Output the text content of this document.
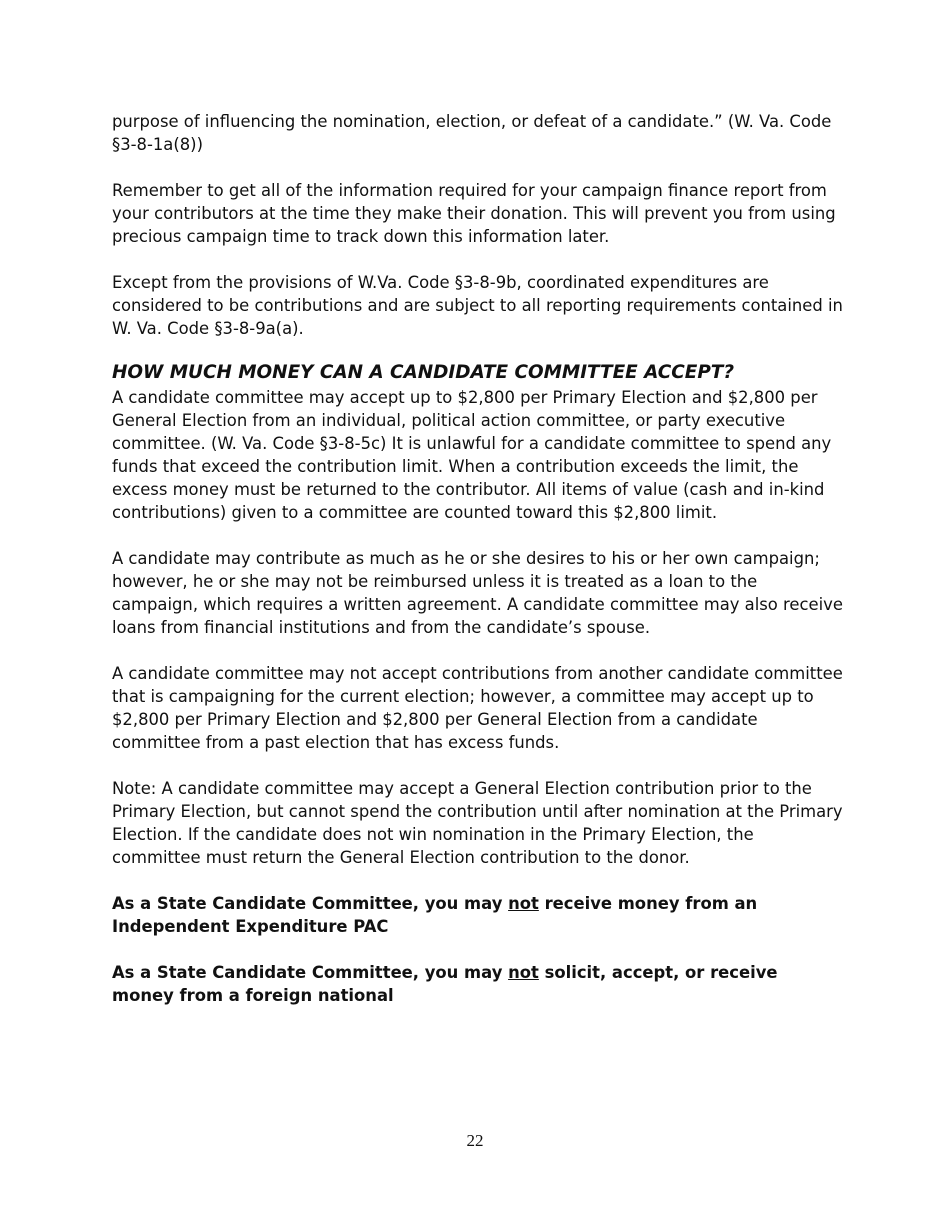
purpose of influencing the nomination, election, or defeat of a candidate.” (W. Va. Code §3-8-1a(8))

Remember to get all of the information required for your campaign finance report from your contributors at the time they make their donation. This will prevent you from using precious campaign time to track down this information later.

Except from the provisions of W.Va. Code §3-8-9b, coordinated expenditures are considered to be contributions and are subject to all reporting requirements contained in W. Va. Code §3-8-9a(a).

HOW MUCH MONEY CAN A CANDIDATE COMMITTEE ACCEPT?

A candidate committee may accept up to $2,800 per Primary Election and $2,800 per General Election from an individual, political action committee, or party executive committee. (W. Va. Code §3-8-5c) It is unlawful for a candidate committee to spend any funds that exceed the contribution limit. When a contribution exceeds the limit, the excess money must be returned to the contributor. All items of value (cash and in-kind contributions) given to a committee are counted toward this $2,800 limit.

A candidate may contribute as much as he or she desires to his or her own campaign; however, he or she may not be reimbursed unless it is treated as a loan to the campaign, which requires a written agreement. A candidate committee may also receive loans from financial institutions and from the candidate’s spouse.

A candidate committee may not accept contributions from another candidate committee that is campaigning for the current election; however, a committee may accept up to $2,800 per Primary Election and $2,800 per General Election from a candidate committee from a past election that has excess funds.

Note: A candidate committee may accept a General Election contribution prior to the Primary Election, but cannot spend the contribution until after nomination at the Primary Election. If the candidate does not win nomination in the Primary Election, the committee must return the General Election contribution to the donor.

As a State Candidate Committee, you may not receive money from an Independent Expenditure PAC

As a State Candidate Committee, you may not solicit, accept, or receive money from a foreign national

22
